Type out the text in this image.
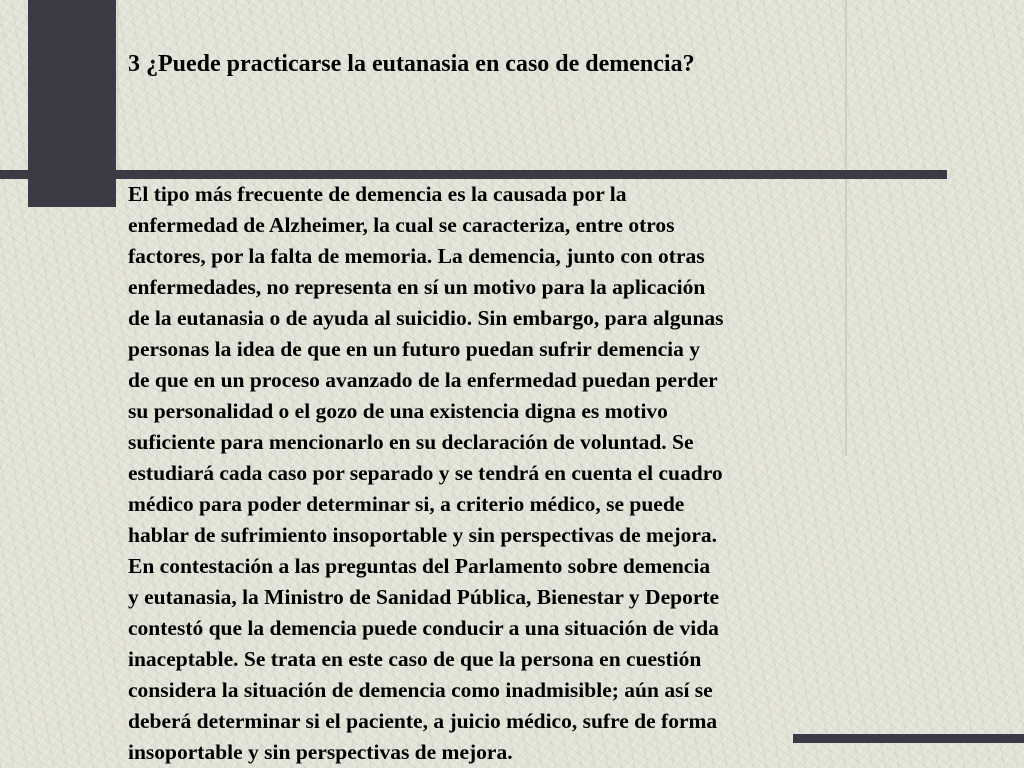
3 ¿Puede practicarse la eutanasia en caso de demencia?
El tipo más frecuente de demencia es la causada por la
enfermedad de Alzheimer, la cual se caracteriza, entre otros
factores, por la falta de memoria. La demencia, junto con otras
enfermedades, no representa en sí un motivo para la aplicación
de la eutanasia o de ayuda al suicidio. Sin embargo, para algunas
personas la idea de que en un futuro puedan sufrir demencia y
de que en un proceso avanzado de la enfermedad puedan perder
su personalidad o el gozo de una existencia digna es motivo
suficiente para mencionarlo en su declaración de voluntad. Se
estudiará cada caso por separado y se tendrá en cuenta el cuadro
médico para poder determinar si, a criterio médico, se puede
hablar de sufrimiento insoportable y sin perspectivas de mejora.
En contestación a las preguntas del Parlamento sobre demencia
y eutanasia, la Ministro de Sanidad Pública, Bienestar y Deporte
contestó que la demencia puede conducir a una situación de vida
inaceptable. Se trata en este caso de que la persona en cuestión
considera la situación de demencia como inadmisible; aún así se
deberá determinar si el paciente, a juicio médico, sufre de forma
insoportable y sin perspectivas de mejora.
